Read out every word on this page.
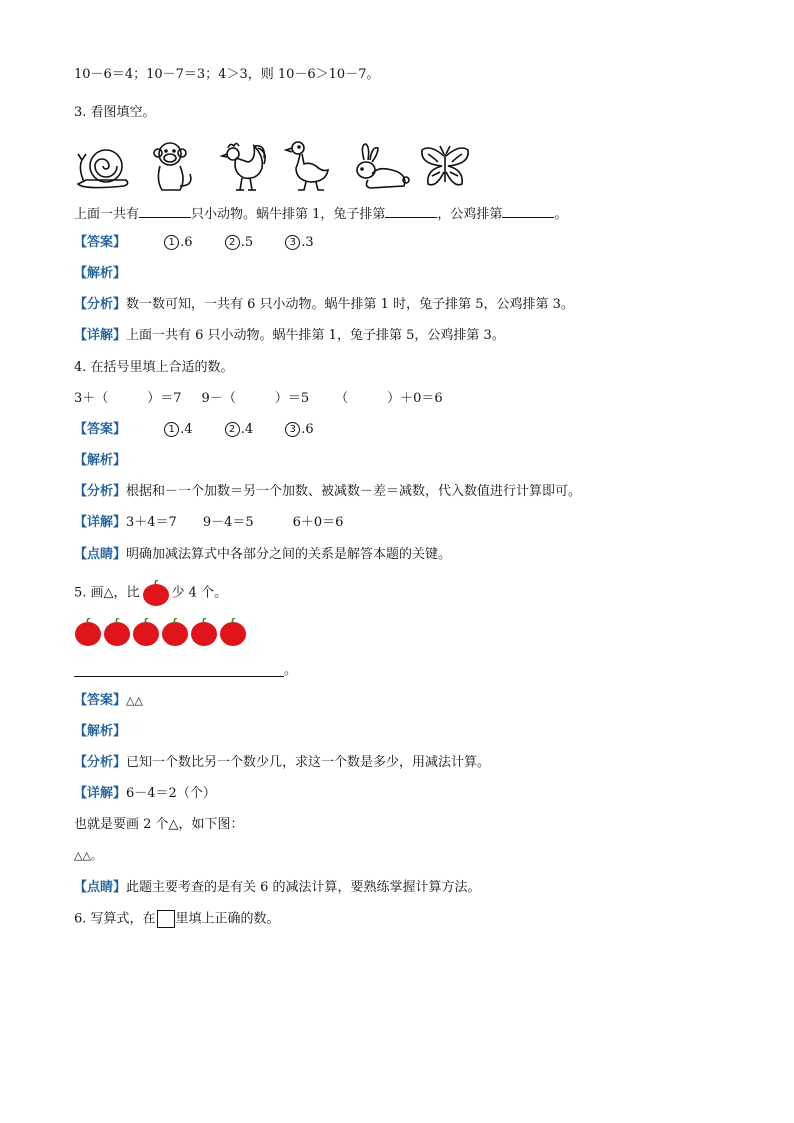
10－6＝4；10－7＝3；4＞3，则 10－6＞10－7。
3. 看图填空。
上面一共有	只小动物。蜗牛排第 1，兔子排第	，公鸡排第	。
【答案】	1 .6	2 .5	3 .3
【解析】
【分析】数一数可知，一共有 6 只小动物。蜗牛排第 1 时，兔子排第 5，公鸡排第 3。
【详解】上面一共有 6 只小动物。蜗牛排第 1，兔子排第 5，公鸡排第 3。
4. 在括号里填上合适的数。
3＋（　　　）＝7 9－（　　　）＝5 （　　　）＋0＝6
【答案】	1 .4	2 .4	3 .6
【解析】
【分析】根据和－一个加数＝另一个加数、被减数－差＝减数，代入数值进行计算即可。
【详解】3＋4＝7　　9－4＝5　　　6＋0＝6
【点睛】明确加减法算式中各部分之间的关系是解答本题的关键。
5. 画△，比 少 4 个。
。
【答案】△△
【解析】
【分析】已知一个数比另一个数少几，求这一个数是多少，用减法计算。
【详解】6－4＝2（个）
也就是要画 2 个△，如下图：
△△。
【点睛】此题主要考查的是有关 6 的减法计算，要熟练掌握计算方法。
6. 写算式，在 里填上正确的数。
